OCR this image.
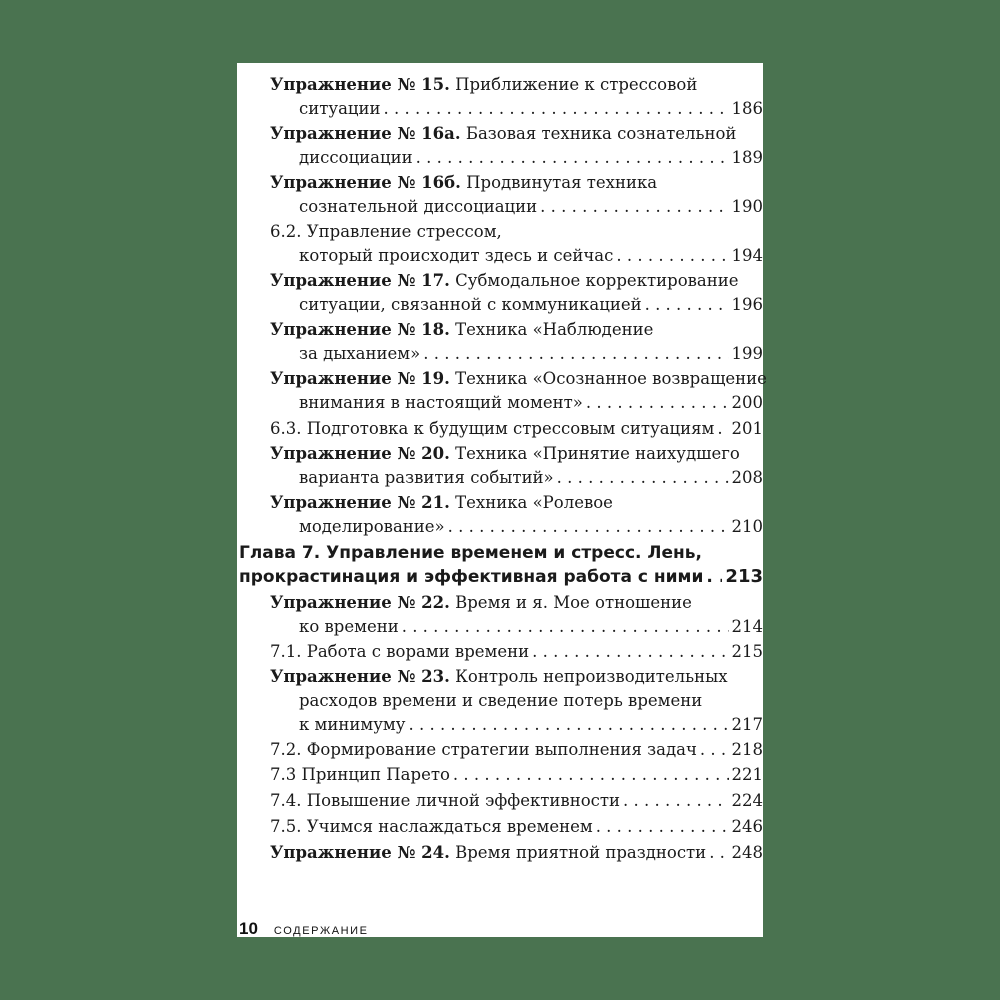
Упражнение № 15. Приближение к стрессовой
ситуации . . .	186
Упражнение № 16а. Базовая техника сознательной
диссоциации . . .	189
Упражнение № 16б. Продвинутая техника
сознательной диссоциации . . .	190
6.2. Управление стрессом,
который происходит здесь и сейчас . . .	194
Упражнение № 17. Субмодальное корректирование
ситуации, связанной с коммуникацией . . .	196
Упражнение № 18. Техника «Наблюдение
за дыханием» . . .	199
Упражнение № 19. Техника «Осознанное возвращение
внимания в настоящий момент» . . .	200
6.3. Подготовка к будущим стрессовым ситуациям . . . 201
Упражнение № 20. Техника «Принятие наихудшего
варианта развития событий» . . .	208
Упражнение № 21. Техника «Ролевое
моделирование» . . .	210
Глава 7. Управление временем и стресс. Лень,
прокрастинация и эффективная работа с ними . . . 213
Упражнение № 22. Время и я. Мое отношение
ко времени . . .	214
7.1. Работа с ворами времени . . .	215
Упражнение № 23. Контроль непроизводительных
расходов времени и сведение потерь времени
к минимуму . . .	217
7.2. Формирование стратегии выполнения задач . . . 218
7.3 Принцип Парето . . .	221
7.4. Повышение личной эффективности . . .	224
7.5. Учимся наслаждаться временем . . .	246
Упражнение № 24. Время приятной праздности . . . 248
10 СОДЕРЖАНИЕ
